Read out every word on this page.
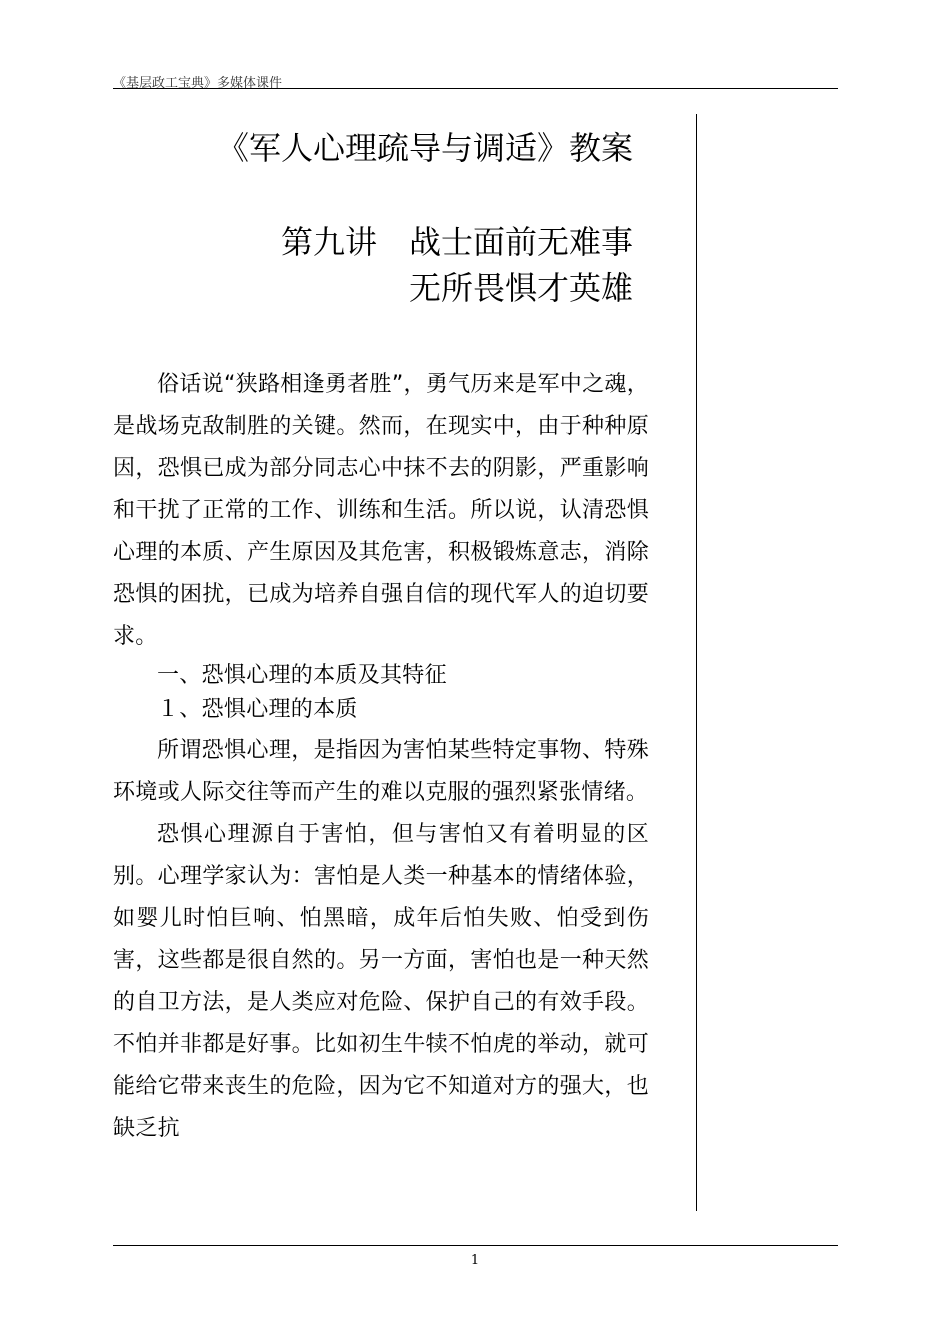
《基层政工宝典》多媒体课件
《军人心理疏导与调适》教案
第九讲　战士面前无难事
无所畏惧才英雄

俗话说“狭路相逢勇者胜”，勇气历来是军中之魂，是战场克敌制胜的关键。然而，在现实中，由于种种原因，恐惧已成为部分同志心中抹不去的阴影，严重影响和干扰了正常的工作、训练和生活。所以说，认清恐惧心理的本质、产生原因及其危害，积极锻炼意志，消除恐惧的困扰，已成为培养自强自信的现代军人的迫切要求。

一、恐惧心理的本质及其特征

１、恐惧心理的本质

所谓恐惧心理，是指因为害怕某些特定事物、特殊环境或人际交往等而产生的难以克服的强烈紧张情绪。

恐惧心理源自于害怕，但与害怕又有着明显的区别。心理学家认为：害怕是人类一种基本的情绪体验，如婴儿时怕巨响、怕黑暗，成年后怕失败、怕受到伤害，这些都是很自然的。另一方面，害怕也是一种天然的自卫方法，是人类应对危险、保护自己的有效手段。不怕并非都是好事。比如初生牛犊不怕虎的举动，就可能给它带来丧生的危险，因为它不知道对方的强大，也缺乏抗

1
